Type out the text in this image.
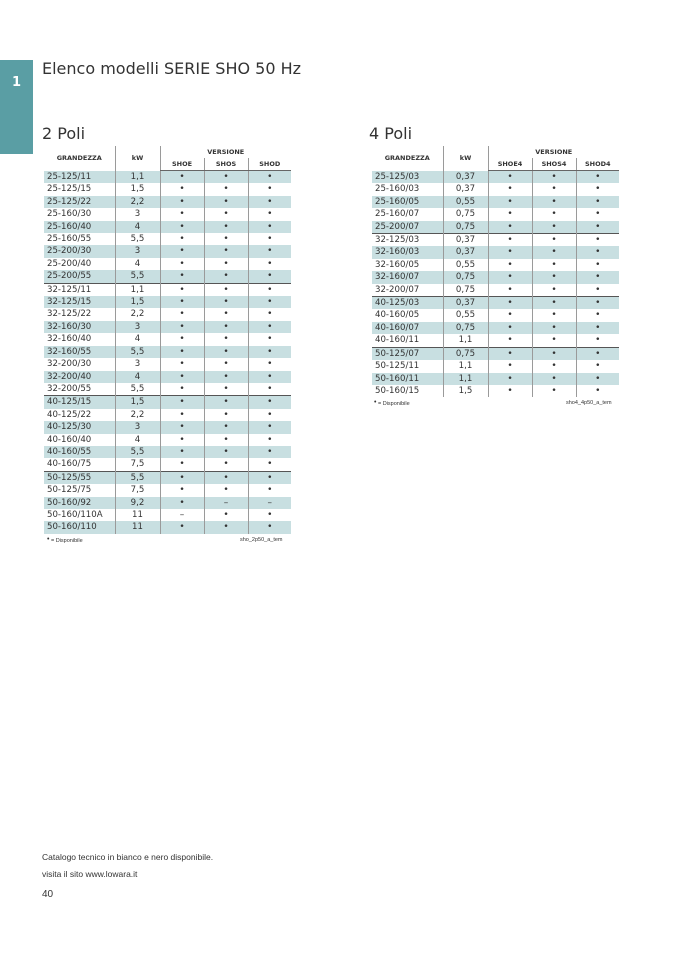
1
Elenco modelli SERIE SHO 50 Hz
2 Poli	4 Poli
GRANDEZZA	kW	VERSIONE		
		SHOE	SHOS	SHOD
25-125/11	1,1	•	•	•
25-125/15	1,5	•	•	•
25-125/22	2,2	•	•	•
25-160/30	3	•	•	•
25-160/40	4	•	•	•
25-160/55	5,5	•	•	•
25-200/30	3	•	•	•
25-200/40	4	•	•	•
25-200/55	5,5	•	•	•
32-125/11	1,1	•	•	•
32-125/15	1,5	•	•	•
32-125/22	2,2	•	•	•
32-160/30	3	•	•	•
32-160/40	4	•	•	•
32-160/55	5,5	•	•	•
32-200/30	3	•	•	•
32-200/40	4	•	•	•
32-200/55	5,5	•	•	•
40-125/15	1,5	•	•	•
40-125/22	2,2	•	•	•
40-125/30	3	•	•	•
40-160/40	4	•	•	•
40-160/55	5,5	•	•	•
40-160/75	7,5	•	•	•
50-125/55	5,5	•	•	•
50-125/75	7,5	•	•	•
50-160/92	9,2	•	–	–
50-160/110A	11	–	•	•
50-160/110	11	•	•	•
• = Disponibile	sho_2p50_a_tem
GRANDEZZA	kW	VERSIONE		
		SHOE4	SHOS4	SHOD4
25-125/03	0,37	•	•	•
25-160/03	0,37	•	•	•
25-160/05	0,55	•	•	•
25-160/07	0,75	•	•	•
25-200/07	0,75	•	•	•
32-125/03	0,37	•	•	•
32-160/03	0,37	•	•	•
32-160/05	0,55	•	•	•
32-160/07	0,75	•	•	•
32-200/07	0,75	•	•	•
40-125/03	0,37	•	•	•
40-160/05	0,55	•	•	•
40-160/07	0,75	•	•	•
40-160/11	1,1	•	•	•
50-125/07	0,75	•	•	•
50-125/11	1,1	•	•	•
50-160/11	1,1	•	•	•
50-160/15	1,5	•	•	•
• = Disponibile	sho4_4p50_a_tem
Catalogo tecnico in bianco e nero disponibile.
visita il sito www.lowara.it
40
